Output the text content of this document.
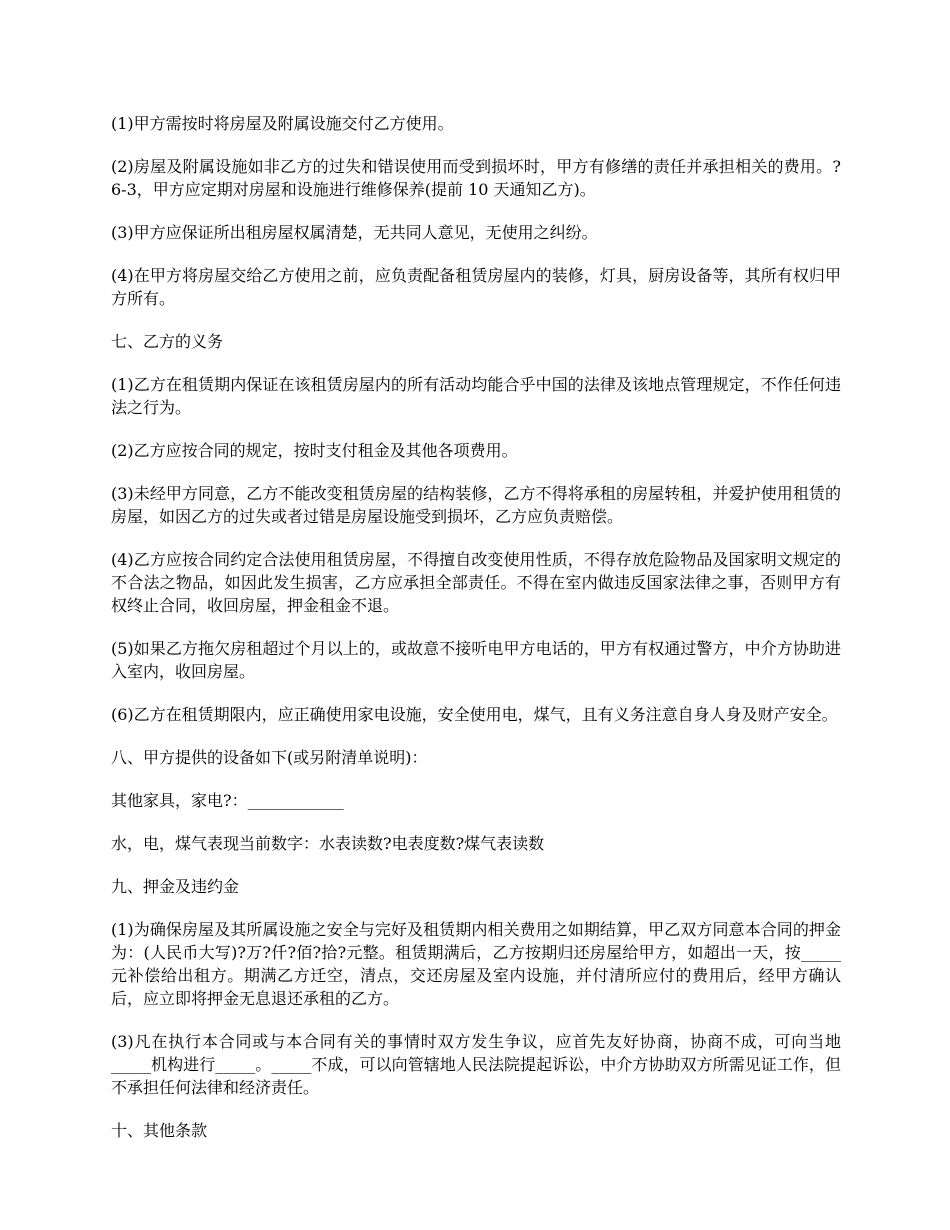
(1)甲方需按时将房屋及附属设施交付乙方使用。

(2)房屋及附属设施如非乙方的过失和错误使用而受到损坏时，甲方有修缮的责任并承担相关的费用。?6-3，甲方应定期对房屋和设施进行维修保养(提前 10 天通知乙方)。

(3)甲方应保证所出租房屋权属清楚，无共同人意见，无使用之纠纷。

(4)在甲方将房屋交给乙方使用之前，应负责配备租赁房屋内的装修，灯具，厨房设备等，其所有权归甲方所有。

七、乙方的义务

(1)乙方在租赁期内保证在该租赁房屋内的所有活动均能合乎中国的法律及该地点管理规定，不作任何违法之行为。

(2)乙方应按合同的规定，按时支付租金及其他各项费用。

(3)未经甲方同意，乙方不能改变租赁房屋的结构装修，乙方不得将承租的房屋转租，并爱护使用租赁的房屋，如因乙方的过失或者过错是房屋设施受到损坏，乙方应负责赔偿。

(4)乙方应按合同约定合法使用租赁房屋，不得擅自改变使用性质，不得存放危险物品及国家明文规定的不合法之物品，如因此发生损害，乙方应承担全部责任。不得在室内做违反国家法律之事，否则甲方有权终止合同，收回房屋，押金租金不退。

(5)如果乙方拖欠房租超过个月以上的，或故意不接听电甲方电话的，甲方有权通过警方，中介方协助进入室内，收回房屋。

(6)乙方在租赁期限内，应正确使用家电设施，安全使用电，煤气，且有义务注意自身人身及财产安全。

八、甲方提供的设备如下(或另附清单说明)：

其他家具，家电?：____________

水，电，煤气表现当前数字：水表读数?电表度数?煤气表读数

九、押金及违约金

(1)为确保房屋及其所属设施之安全与完好及租赁期内相关费用之如期结算，甲乙双方同意本合同的押金为：(人民币大写)?万?仟?佰?拾?元整。租赁期满后，乙方按期归还房屋给甲方，如超出一天，按_____元补偿给出租方。期满乙方迁空，清点，交还房屋及室内设施，并付清所应付的费用后，经甲方确认后，应立即将押金无息退还承租的乙方。

(3)凡在执行本合同或与本合同有关的事情时双方发生争议，应首先友好协商，协商不成，可向当地_____机构进行_____。_____不成，可以向管辖地人民法院提起诉讼，中介方协助双方所需见证工作，但不承担任何法律和经济责任。

十、其他条款
